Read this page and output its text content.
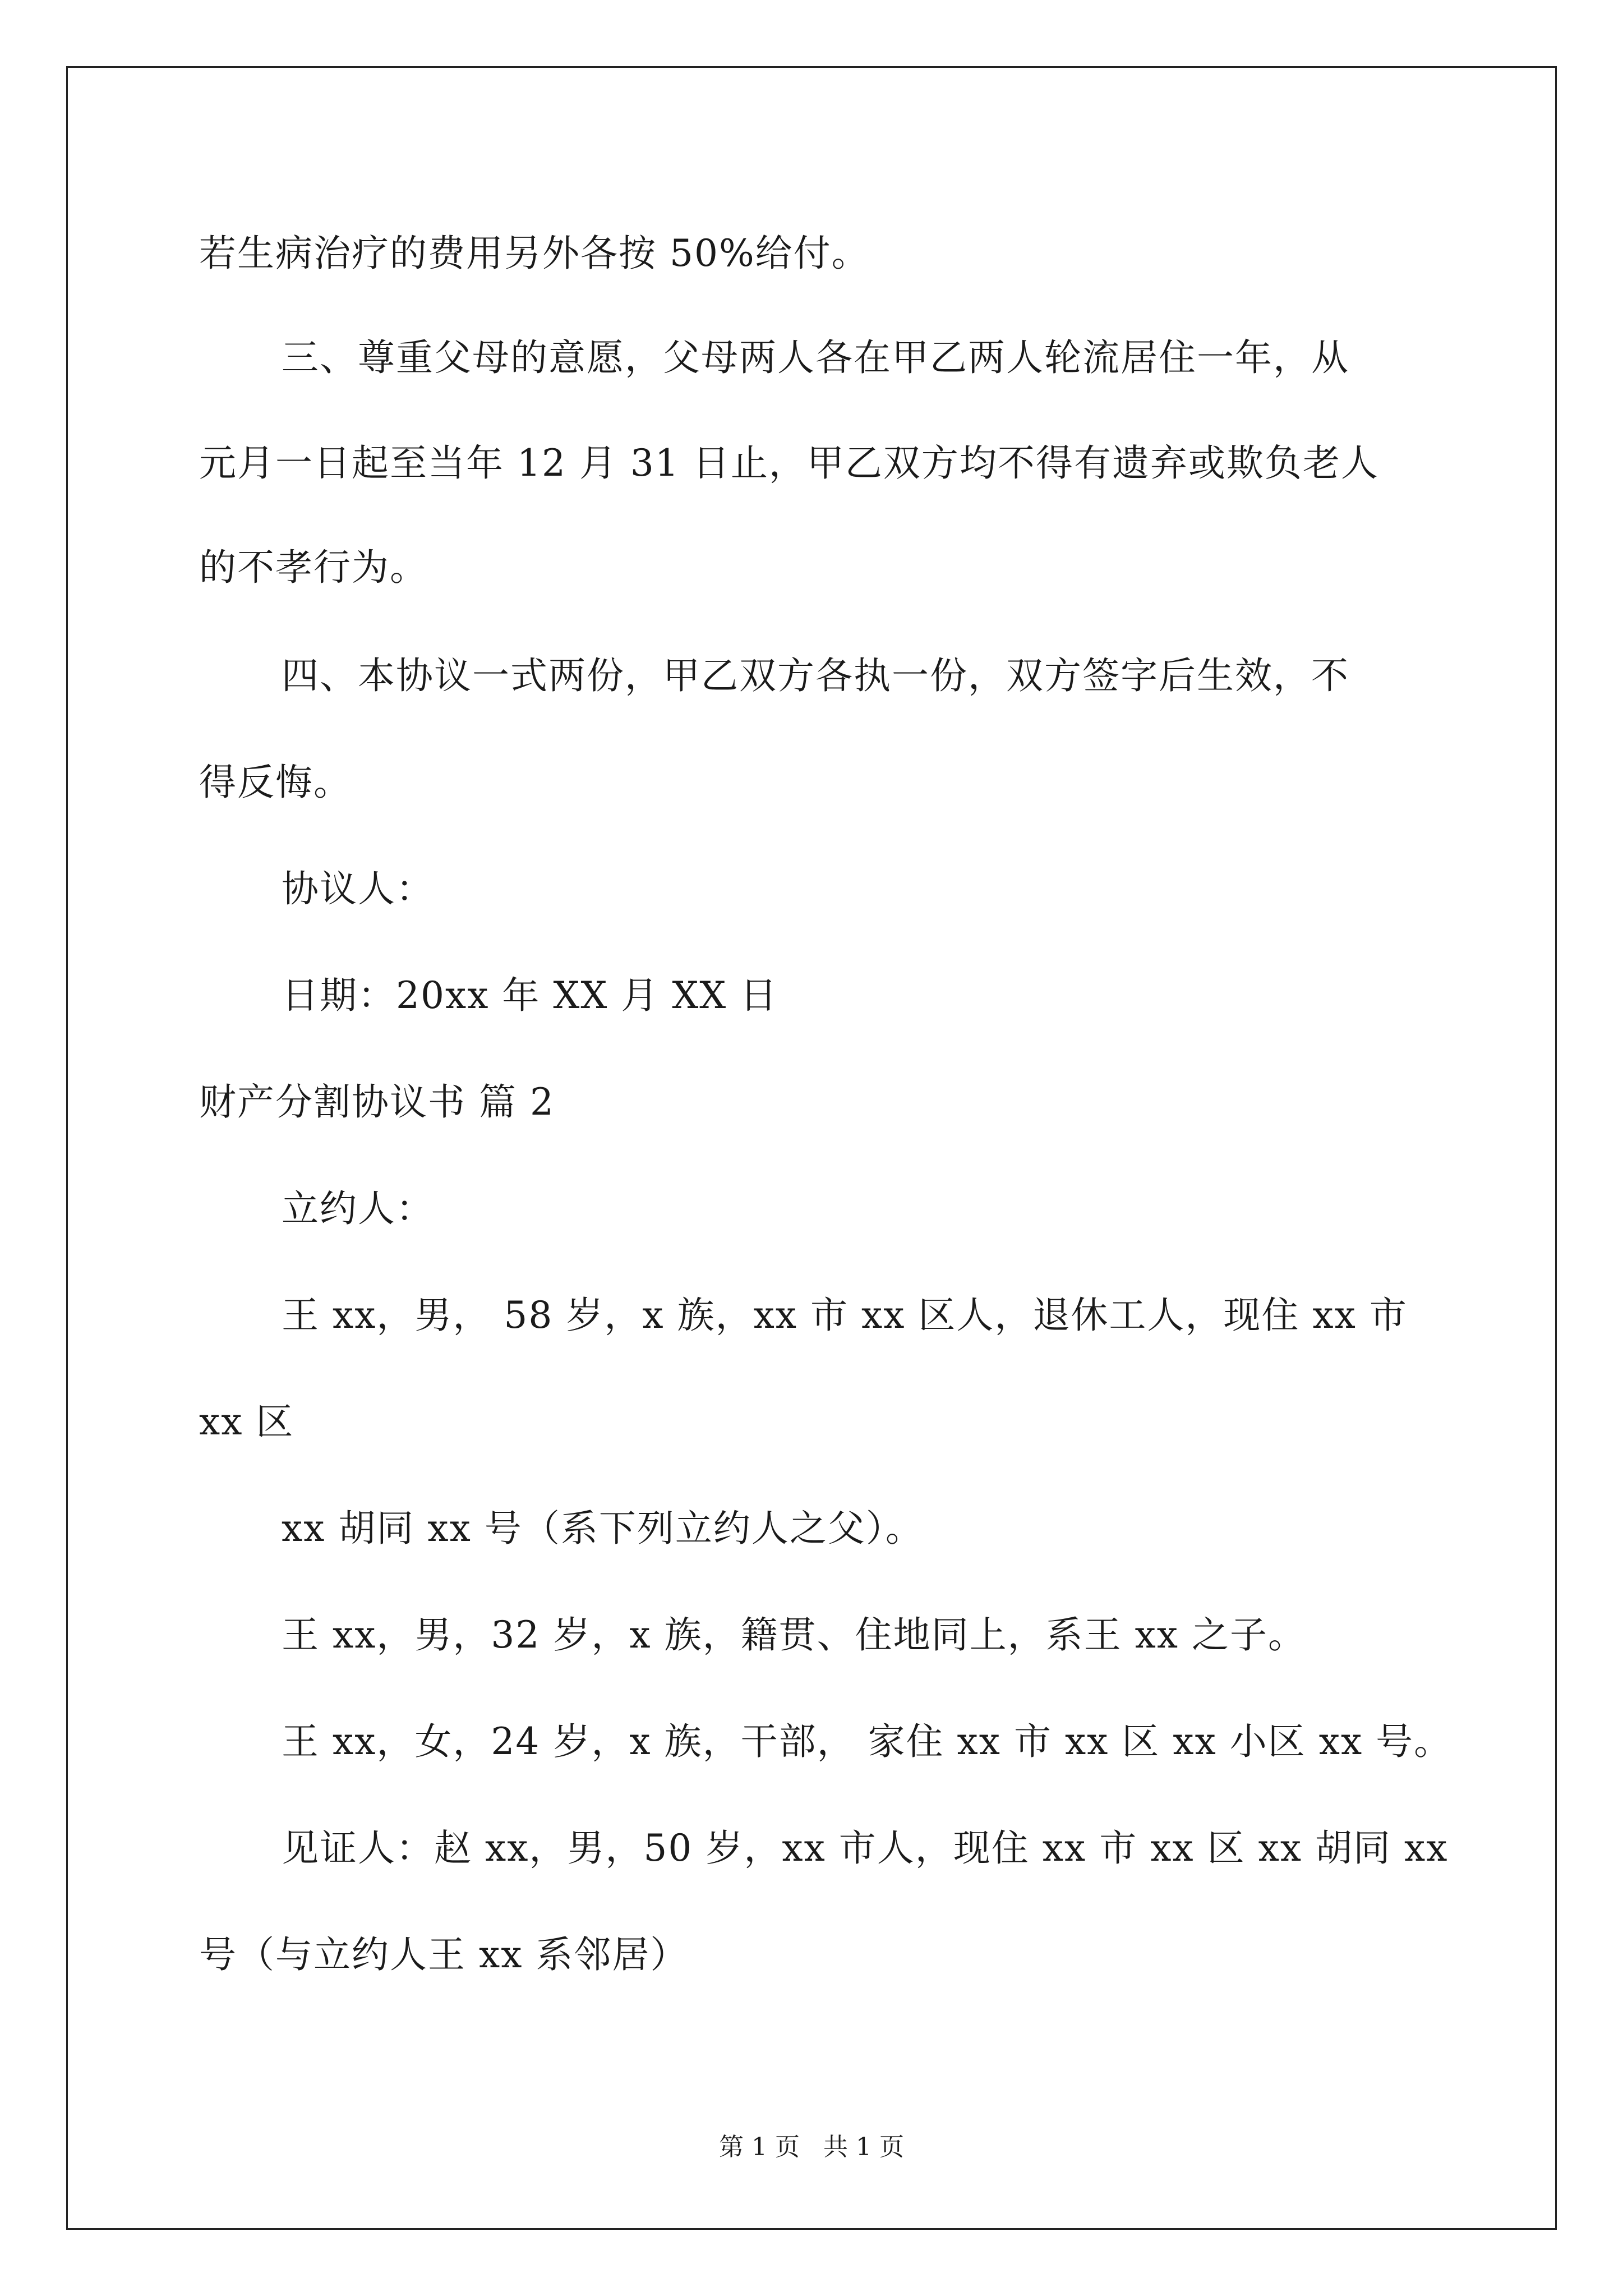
若生病治疗的费用另外各按 50%给付。
三、尊重父母的意愿，父母两人各在甲乙两人轮流居住一年，从
元月一日起至当年 12 月 31 日止，甲乙双方均不得有遗弃或欺负老人
的不孝行为。
四、本协议一式两份，甲乙双方各执一份，双方签字后生效，不
得反悔。
协议人：
日期：20xx 年 XX 月 XX 日
财产分割协议书 篇 2
立约人：
王 xx，男， 58 岁，x 族，xx 市 xx 区人，退休工人，现住 xx 市
xx 区
xx 胡同 xx 号（系下列立约人之父）。
王 xx，男，32 岁，x 族，籍贯、住地同上，系王 xx 之子。
王 xx，女，24 岁，x 族，干部， 家住 xx 市 xx 区 xx 小区 xx 号。
见证人：赵 xx，男，50 岁，xx 市人，现住 xx 市 xx 区 xx 胡同 xx
号（与立约人王 xx 系邻居）
第 1 页   共 1 页
